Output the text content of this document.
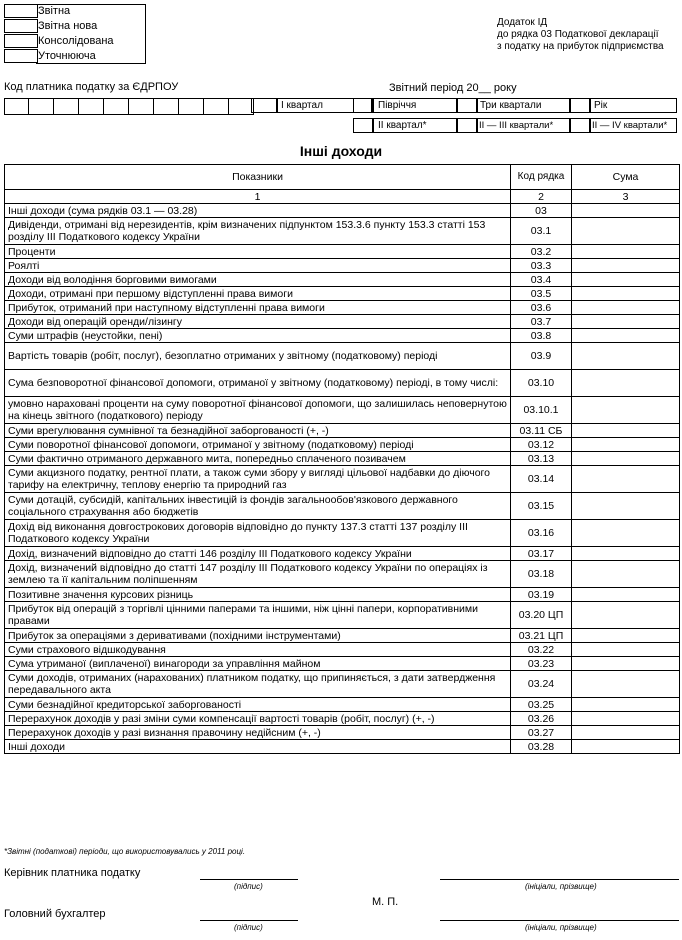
Звітна
Звітна нова
Консолідована
Уточнююча
Додаток ІД
до рядка 03 Податкової декларації
з податку на прибуток підприємства
Код платника податку за ЄДРПОУ	Звітний період 20__ року
І квартал	Півріччя
ІІ квартал*
Три квартали
ІІ — ІІІ квартали*
Рік
ІІ — ІV квартали*
Інші доходи
Показники	Код рядка	Сума
1	2	3
Інші доходи (сума рядків 03.1 — 03.28)	03	
Дивіденди, отримані від нерезидентів, крім визначених підпунктом 153.3.6 пункту 153.3 статті 153 розділу ІІІ Податкового кодексу України	03.1	
Проценти	03.2	
Роялті	03.3	
Доходи від володіння борговими вимогами	03.4	
Доходи, отримані при першому відступленні права вимоги	03.5	
Прибуток, отриманий при наступному відступленні права вимоги	03.6	
Доходи від операцій оренди/лізингу	03.7	
Суми штрафів (неустойки, пені)	03.8	
Вартість товарів (робіт, послуг), безоплатно отриманих у звітному (податковому) періоді	03.9	
Сума безповоротної фінансової допомоги, отриманої у звітному (податковому) періоді, в тому числі:	03.10	
умовно нараховані проценти на суму поворотної фінансової допомоги, що залишилась неповернутою на кінець звітного (податкового) періоду	03.10.1	
Суми врегулювання сумнівної та безнадійної заборгованості (+, -)	03.11 СБ	
Суми поворотної фінансової допомоги, отриманої у звітному (податковому) періоді	03.12	
Суми фактично отриманого державного мита, попередньо сплаченого позивачем	03.13	
Суми акцизного податку, рентної плати, а також суми збору у вигляді цільової надбавки до діючого тарифу на електричну, теплову енергію та природний газ	03.14	
Суми дотацій, субсидій, капітальних інвестицій із фондів загальнообов'язкового державного соціального страхування або бюджетів	03.15	
Дохід від виконання довгострокових договорів відповідно до пункту 137.3 статті 137 розділу ІІІ Податкового кодексу України	03.16	
Дохід, визначений відповідно до статті 146 розділу ІІІ Податкового кодексу України	03.17	
Дохід, визначений відповідно до статті 147 розділу ІІІ Податкового кодексу України по операціях із землею та її капітальним поліпшенням	03.18	
Позитивне значення курсових різниць	03.19	
Прибуток від операцій з торгівлі цінними паперами та іншими, ніж цінні папери, корпоративними правами	03.20 ЦП	
Прибуток за операціями з деривативами (похідними інструментами)	03.21 ЦП	
Суми страхового відшкодування	03.22	
Сума утриманої (виплаченої) винагороди за управління майном	03.23	
Суми доходів, отриманих (нарахованих) платником податку, що припиняється, з дати затвердження передавального акта	03.24	
Суми безнадійної кредиторської заборгованості	03.25	
Перерахунок доходів у разі зміни суми компенсації вартості товарів (робіт, послуг) (+, -)	03.26	
Перерахунок доходів у разі визнання правочину недійсним (+, -)	03.27	
Інші доходи	03.28	
*Звітні (податкові) періоди, що використовувались у 2011 році.
Керівник платника податку
(підпис)	(ініціали, прізвище)
М. П.
Головний бухгалтер
(підпис)	(ініціали, прізвище)
